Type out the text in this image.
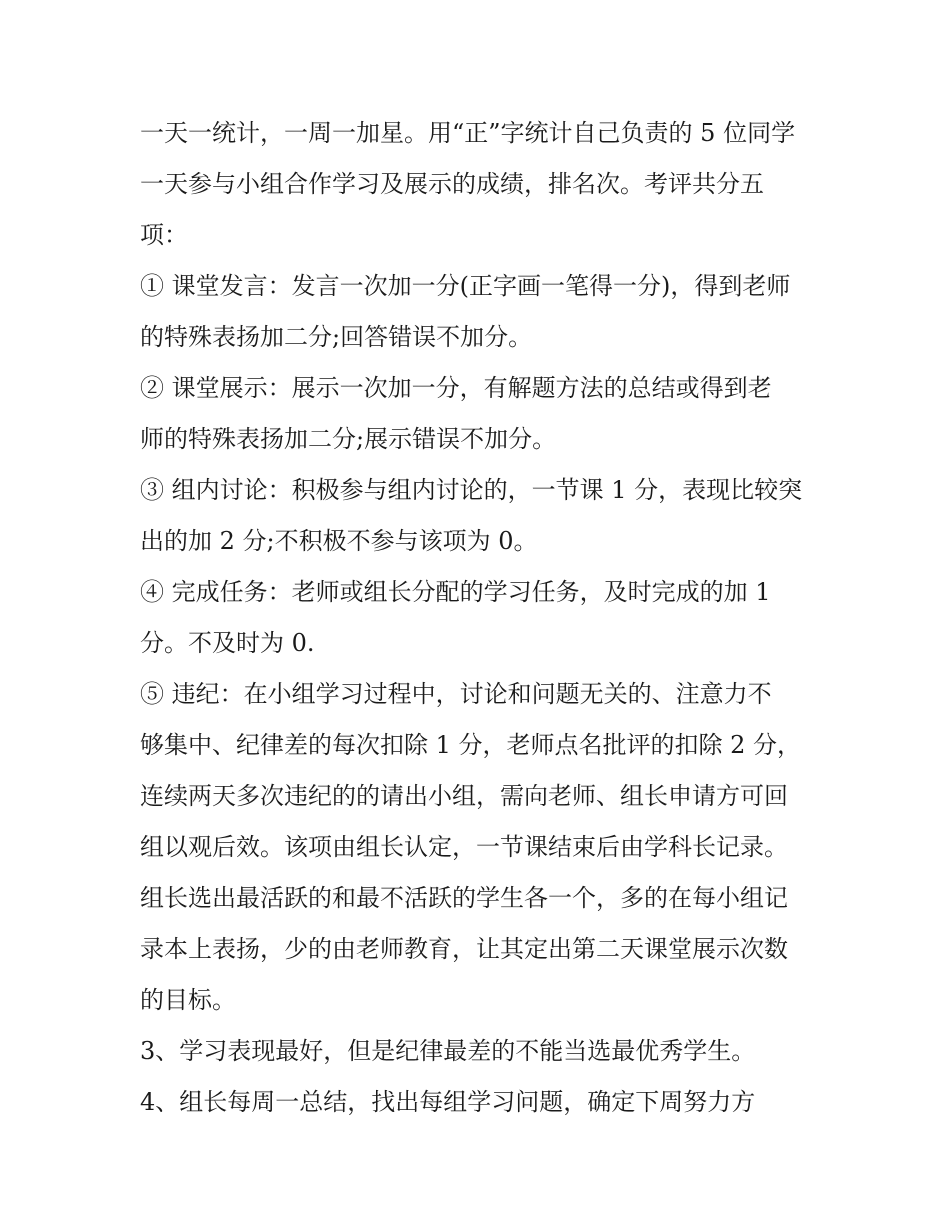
一天一统计，一周一加星。用“正”字统计自己负责的 5 位同学
一天参与小组合作学习及展示的成绩，排名次。考评共分五
项：
① 课堂发言：发言一次加一分(正字画一笔得一分)，得到老师
的特殊表扬加二分;回答错误不加分。
② 课堂展示：展示一次加一分，有解题方法的总结或得到老
师的特殊表扬加二分;展示错误不加分。
③ 组内讨论：积极参与组内讨论的，一节课 1 分，表现比较突
出的加 2 分;不积极不参与该项为 0。
④ 完成任务：老师或组长分配的学习任务，及时完成的加 1
分。不及时为 0.
⑤ 违纪：在小组学习过程中，讨论和问题无关的、注意力不
够集中、纪律差的每次扣除 1 分，老师点名批评的扣除 2 分，
连续两天多次违纪的的请出小组，需向老师、组长申请方可回
组以观后效。该项由组长认定，一节课结束后由学科长记录。
组长选出最活跃的和最不活跃的学生各一个，多的在每小组记
录本上表扬，少的由老师教育，让其定出第二天课堂展示次数
的目标。
3、学习表现最好，但是纪律最差的不能当选最优秀学生。
4、组长每周一总结，找出每组学习问题，确定下周努力方
